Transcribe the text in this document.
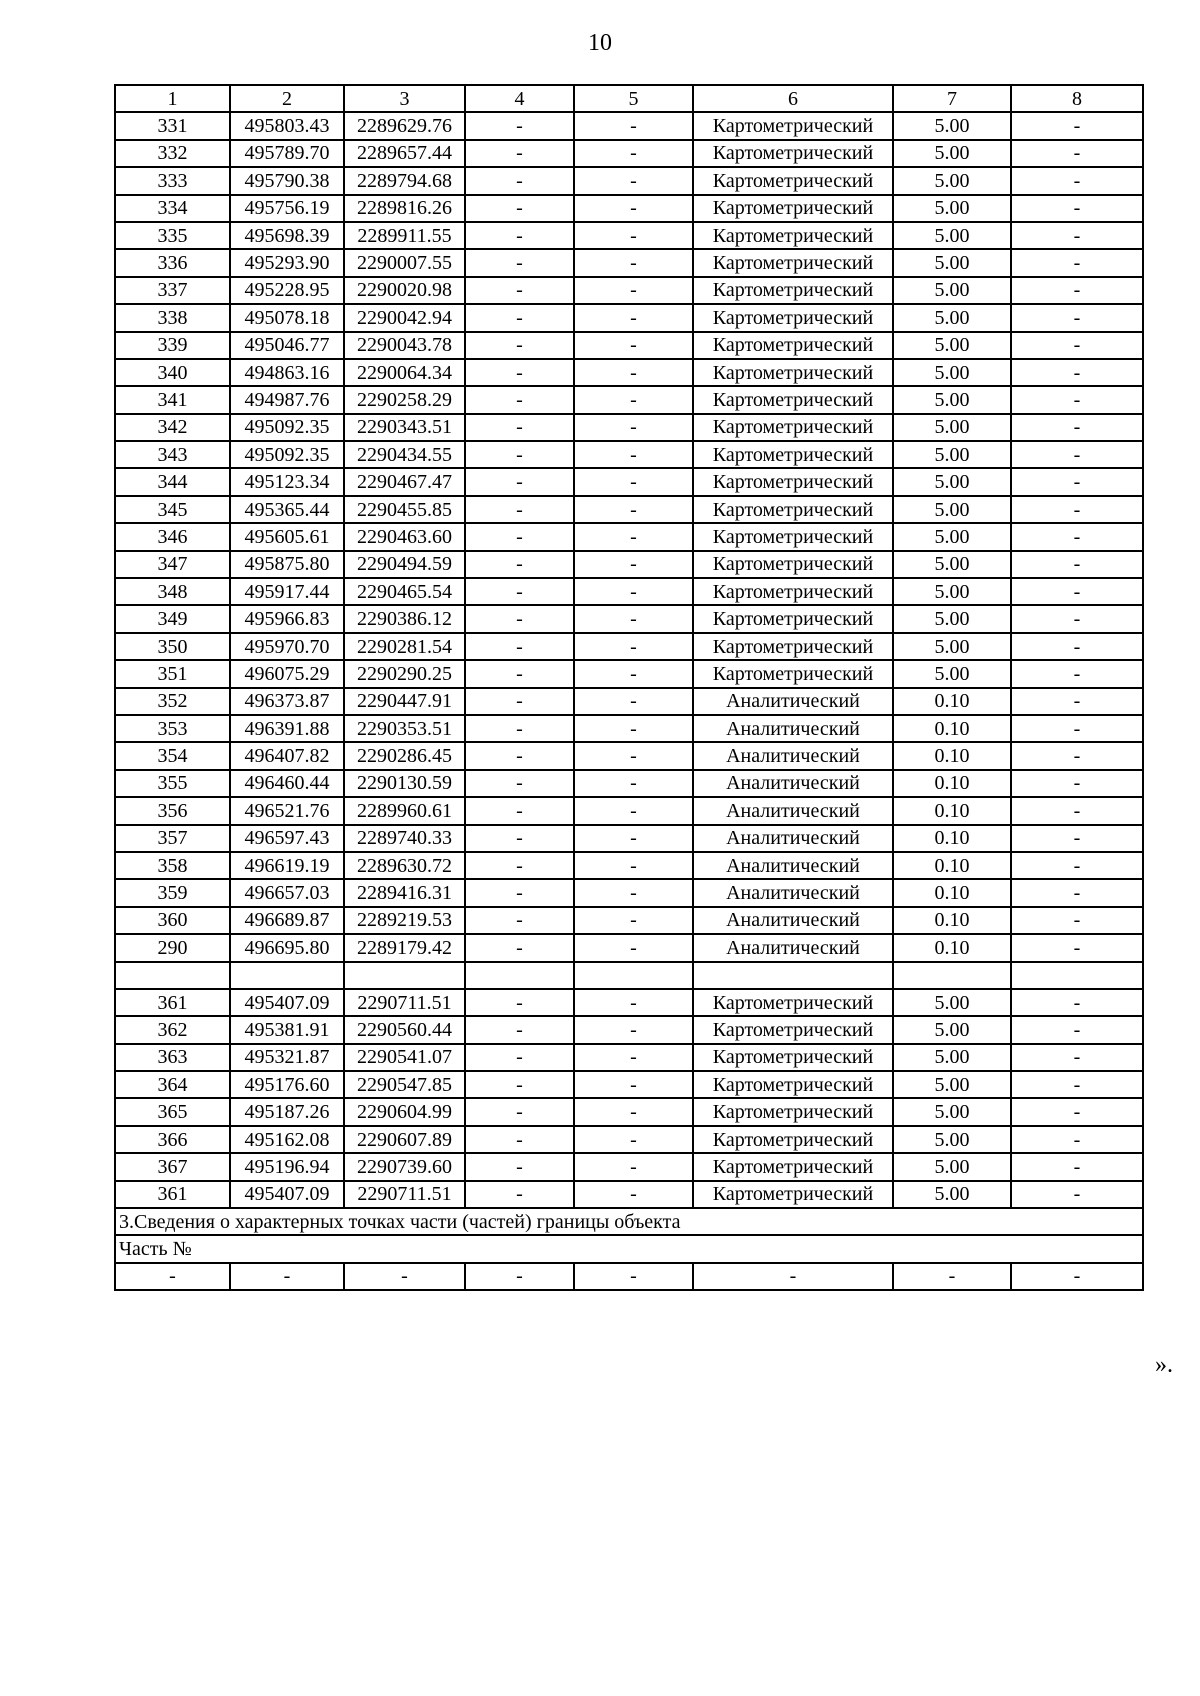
10
1	2	3	4	5	6	7	8
331	495803.43	2289629.76	-	-	Картометрический	5.00	-
332	495789.70	2289657.44	-	-	Картометрический	5.00	-
333	495790.38	2289794.68	-	-	Картометрический	5.00	-
334	495756.19	2289816.26	-	-	Картометрический	5.00	-
335	495698.39	2289911.55	-	-	Картометрический	5.00	-
336	495293.90	2290007.55	-	-	Картометрический	5.00	-
337	495228.95	2290020.98	-	-	Картометрический	5.00	-
338	495078.18	2290042.94	-	-	Картометрический	5.00	-
339	495046.77	2290043.78	-	-	Картометрический	5.00	-
340	494863.16	2290064.34	-	-	Картометрический	5.00	-
341	494987.76	2290258.29	-	-	Картометрический	5.00	-
342	495092.35	2290343.51	-	-	Картометрический	5.00	-
343	495092.35	2290434.55	-	-	Картометрический	5.00	-
344	495123.34	2290467.47	-	-	Картометрический	5.00	-
345	495365.44	2290455.85	-	-	Картометрический	5.00	-
346	495605.61	2290463.60	-	-	Картометрический	5.00	-
347	495875.80	2290494.59	-	-	Картометрический	5.00	-
348	495917.44	2290465.54	-	-	Картометрический	5.00	-
349	495966.83	2290386.12	-	-	Картометрический	5.00	-
350	495970.70	2290281.54	-	-	Картометрический	5.00	-
351	496075.29	2290290.25	-	-	Картометрический	5.00	-
352	496373.87	2290447.91	-	-	Аналитический	0.10	-
353	496391.88	2290353.51	-	-	Аналитический	0.10	-
354	496407.82	2290286.45	-	-	Аналитический	0.10	-
355	496460.44	2290130.59	-	-	Аналитический	0.10	-
356	496521.76	2289960.61	-	-	Аналитический	0.10	-
357	496597.43	2289740.33	-	-	Аналитический	0.10	-
358	496619.19	2289630.72	-	-	Аналитический	0.10	-
359	496657.03	2289416.31	-	-	Аналитический	0.10	-
360	496689.87	2289219.53	-	-	Аналитический	0.10	-
290	496695.80	2289179.42	-	-	Аналитический	0.10	-

361	495407.09	2290711.51	-	-	Картометрический	5.00	-
362	495381.91	2290560.44	-	-	Картометрический	5.00	-
363	495321.87	2290541.07	-	-	Картометрический	5.00	-
364	495176.60	2290547.85	-	-	Картометрический	5.00	-
365	495187.26	2290604.99	-	-	Картометрический	5.00	-
366	495162.08	2290607.89	-	-	Картометрический	5.00	-
367	495196.94	2290739.60	-	-	Картометрический	5.00	-
361	495407.09	2290711.51	-	-	Картометрический	5.00	-
3.Сведения о характерных точках части (частей) границы объекта							
Часть №							
-	-	-	-	-	-	-	-
».
